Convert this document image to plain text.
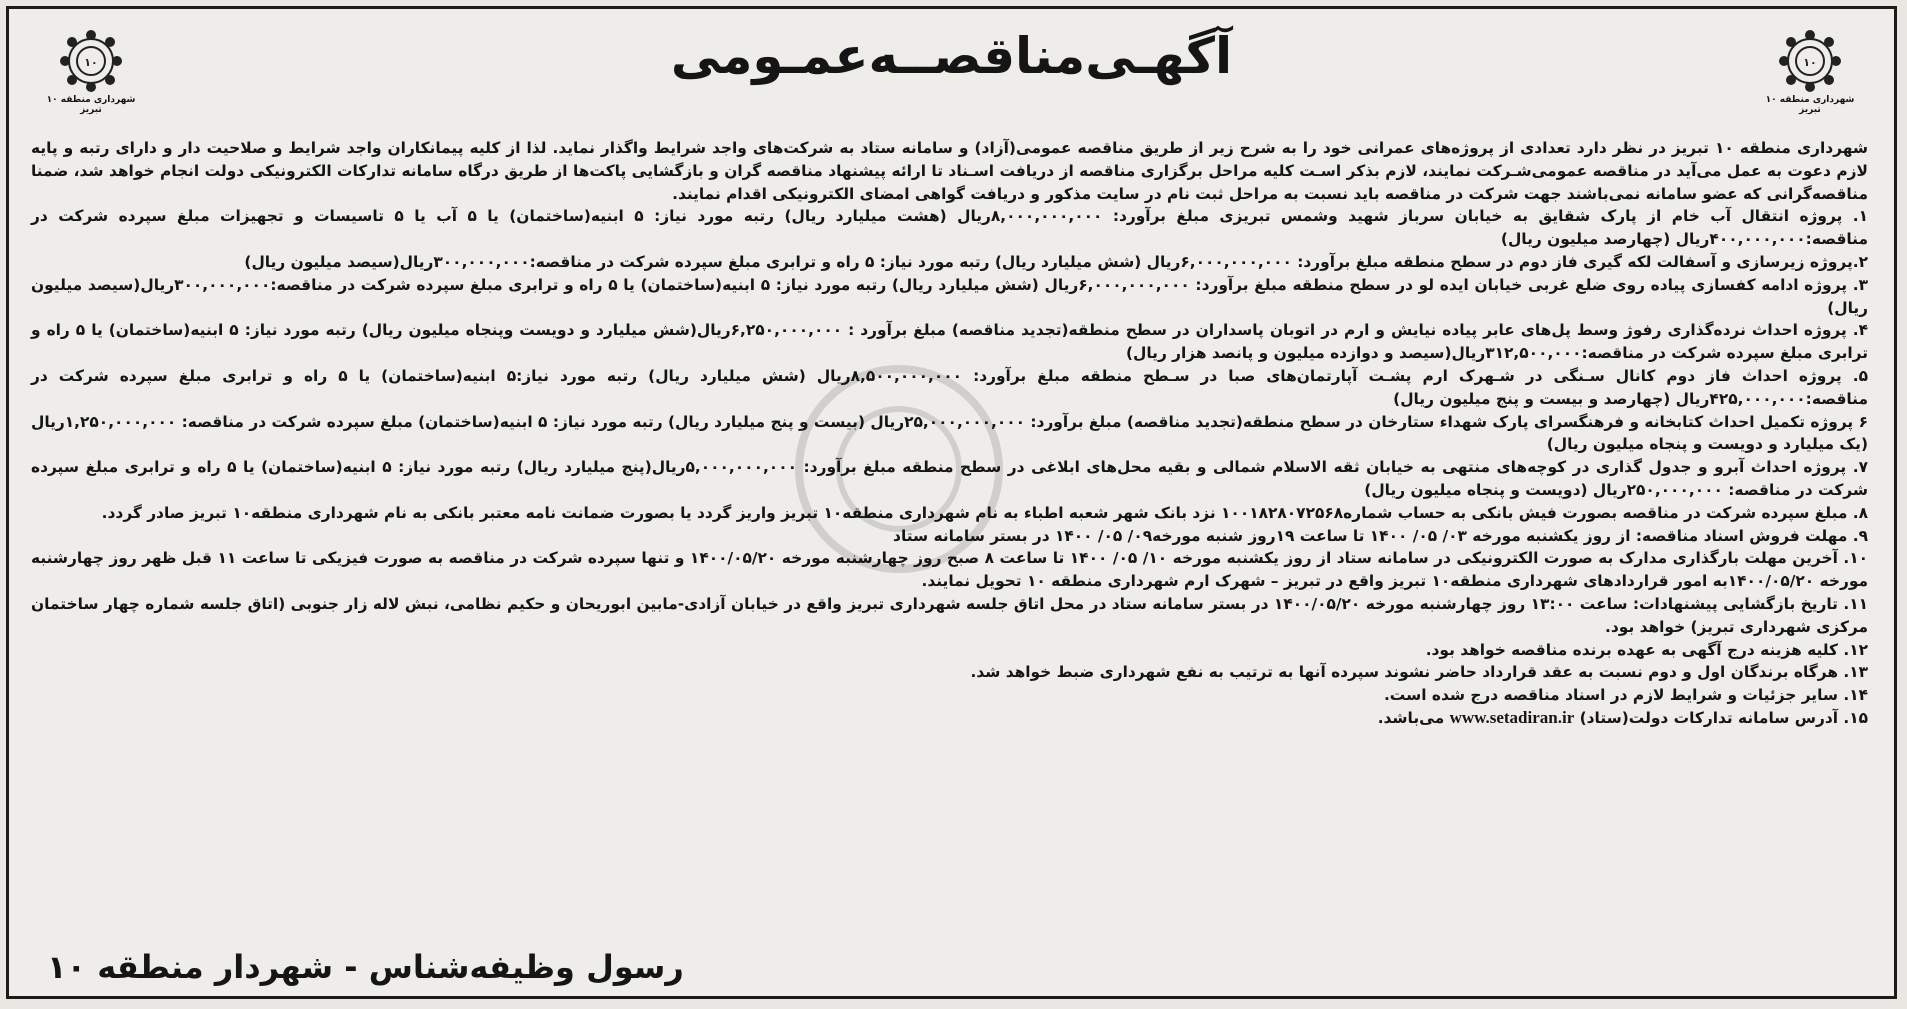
۱۰
شهرداری منطقه ۱۰ تبریز
۱۰
شهرداری منطقه ۱۰ تبریز
آگهـی‌مناقصــه‌عمـومی

شهرداری منطقه ۱۰ تبریز در نظر دارد تعدادی از پروژه‌های عمرانی خود را به شرح زیر از طریق مناقصه عمومی(آزاد) و سامانه ستاد به شرکت‌های واجد شرایط واگذار نماید. لذا از کلیه پیمانکاران واجد شرایط و صلاحیت دار و دارای رتبه و پایه لازم دعوت به عمل می‌آید در مناقصه عمومی‌شـرکت نمایند، لازم بذکر اسـت کلیه مراحل برگزاری مناقصه از دریافت اسـناد تا ارائه پیشنهاد مناقصه گران و بازگشایی پاکت‌ها از طریق درگاه سامانه تدارکات الکترونیکی دولت انجام خواهد شد، ضمنا مناقصه‌گرانی که عضو سامانه نمی‌باشند جهت شرکت در مناقصه باید نسبت به مراحل ثبت نام در سایت مذکور و دریافت گواهی امضای الکترونیکی اقدام نمایند.

۱. پروژه انتقال آب خام از پارک شقایق به خیابان سرباز شهید وشمس تبریزی مبلغ برآورد: ۸,۰۰۰,۰۰۰,۰۰۰ریال (هشت میلیارد ریال) رتبه مورد نیاز: ۵ ابنیه(ساختمان) یا ۵ آب یا ۵ تاسیسات و تجهیزات مبلغ سپرده شرکت در مناقصه:۴۰۰,۰۰۰,۰۰۰ریال (چهارصد میلیون ریال)

۲.پروژه زیرسازی و آسفالت لکه گیری فاز دوم در سطح منطقه مبلغ برآورد: ۶,۰۰۰,۰۰۰,۰۰۰ریال (شش میلیارد ریال) رتبه مورد نیاز: ۵ راه و ترابری مبلغ سپرده شرکت در مناقصه:۳۰۰,۰۰۰,۰۰۰ریال(سیصد میلیون ریال)

۳. پروژه ادامه کفسازی پیاده روی ضلع غربی خیابان ایده لو در سطح منطقه مبلغ برآورد: ۶,۰۰۰,۰۰۰,۰۰۰ریال (شش میلیارد ریال) رتبه مورد نیاز: ۵ ابنیه(ساختمان) یا ۵ راه و ترابری مبلغ سپرده شرکت در مناقصه:۳۰۰,۰۰۰,۰۰۰ریال(سیصد میلیون ریال)

۴. پروژه احداث نرده‌گذاری رفوژ وسط پل‌های عابر پیاده نیایش و ارم در اتوبان پاسداران در سطح منطقه(تجدید مناقصه) مبلغ برآورد : ۶,۲۵۰,۰۰۰,۰۰۰ریال(شش میلیارد و دویست وپنجاه میلیون ریال) رتبه مورد نیاز: ۵ ابنیه(ساختمان) یا ۵ راه و ترابری مبلغ سپرده شرکت در مناقصه:۳۱۲,۵۰۰,۰۰۰ریال(سیصد و دوازده میلیون و پانصد هزار ریال)

۵. پروژه احداث فاز دوم کانال سـنگی در شـهرک ارم پشـت آپارتمان‌های صبا در سـطح منطقه مبلغ برآورد: ۸,۵۰۰,۰۰۰,۰۰۰ریال (شش میلیارد ریال) رتبه مورد نیاز:۵ ابنیه(ساختمان) یا ۵ راه و ترابری مبلغ سپرده شرکت در مناقصه:۴۲۵,۰۰۰,۰۰۰ریال (چهارصد و بیست و پنج میلیون ریال)

۶ پروژه تکمیل احداث کتابخانه و فرهنگسرای پارک شهداء ستارخان در سطح منطقه(تجدید مناقصه) مبلغ برآورد: ۲۵,۰۰۰,۰۰۰,۰۰۰ریال (بیست و پنج میلیارد ریال) رتبه مورد نیاز: ۵ ابنیه(ساختمان) مبلغ سپرده شرکت در مناقصه: ۱,۲۵۰,۰۰۰,۰۰۰ریال (یک میلیارد و دویست و پنجاه میلیون ریال)

۷. پروژه احداث آبرو و جدول گذاری در کوچه‌های منتهی به خیابان ثقه الاسلام شمالی و بقیه محل‌های ابلاغی در سطح منطقه مبلغ برآورد: ۵,۰۰۰,۰۰۰,۰۰۰ریال(پنج میلیارد ریال) رتبه مورد نیاز: ۵ ابنیه(ساختمان) یا ۵ راه و ترابری مبلغ سپرده شرکت در مناقصه: ۲۵۰,۰۰۰,۰۰۰ریال (دویست و پنجاه میلیون ریال)

۸. مبلغ سپرده شرکت در مناقصه بصورت فیش بانکی به حساب شماره۱۰۰۱۸۲۸۰۷۲۵۶۸ نزد بانک شهر شعبه اطباء به نام شهرداری منطقه۱۰ تبریز واریز گردد یا بصورت ضمانت نامه معتبر بانکی به نام شهرداری منطقه۱۰ تبریز صادر گردد.

۹. مهلت فروش اسناد مناقصه: از روز یکشنبه مورخه ۰۳/ ۰۵/ ۱۴۰۰ تا ساعت ۱۹روز شنبه مورخه۰۹/ ۰۵/ ۱۴۰۰ در بستر سامانه ستاد

۱۰. آخرین مهلت بارگذاری مدارک به صورت الکترونیکی در سامانه ستاد از روز یکشنبه مورخه ۱۰/ ۰۵/ ۱۴۰۰ تا ساعت ۸ صبح روز چهارشنبه مورخه ۱۴۰۰/۰۵/۲۰ و تنها سپرده شرکت در مناقصه به صورت فیزیکی تا ساعت ۱۱ قبل ظهر روز چهارشنبه مورخه ۱۴۰۰/۰۵/۲۰به امور قراردادهای شهرداری منطقه۱۰ تبریز واقع در تبریز – شهرک ارم شهرداری منطقه ۱۰ تحویل نمایند.

۱۱. تاریخ بازگشایی پیشنهادات: ساعت ۱۳:۰۰ روز چهارشنبه مورخه ۱۴۰۰/۰۵/۲۰ در بستر سامانه ستاد در محل اتاق جلسه شهرداری تبریز واقع در خیابان آزادی-مابین ابوریحان و حکیم نظامی، نبش لاله زار جنوبی (اتاق جلسه شماره چهار ساختمان مرکزی شهرداری تبریز) خواهد بود.

۱۲. کلیه هزینه درج آگهی به عهده برنده مناقصه خواهد بود.

۱۳. هرگاه برندگان اول و دوم نسبت به عقد قرارداد حاضر نشوند سپرده آنها به ترتیب به نفع شهرداری ضبط خواهد شد.

۱۴. سایر جزئیات و شرایط لازم در اسناد مناقصه درج شده است.

۱۵. آدرس سامانه تدارکات دولت(ستاد) www.setadiran.ir می‌باشد.

رسول وظیفه‌شناس - شهردار منطقه ۱۰
